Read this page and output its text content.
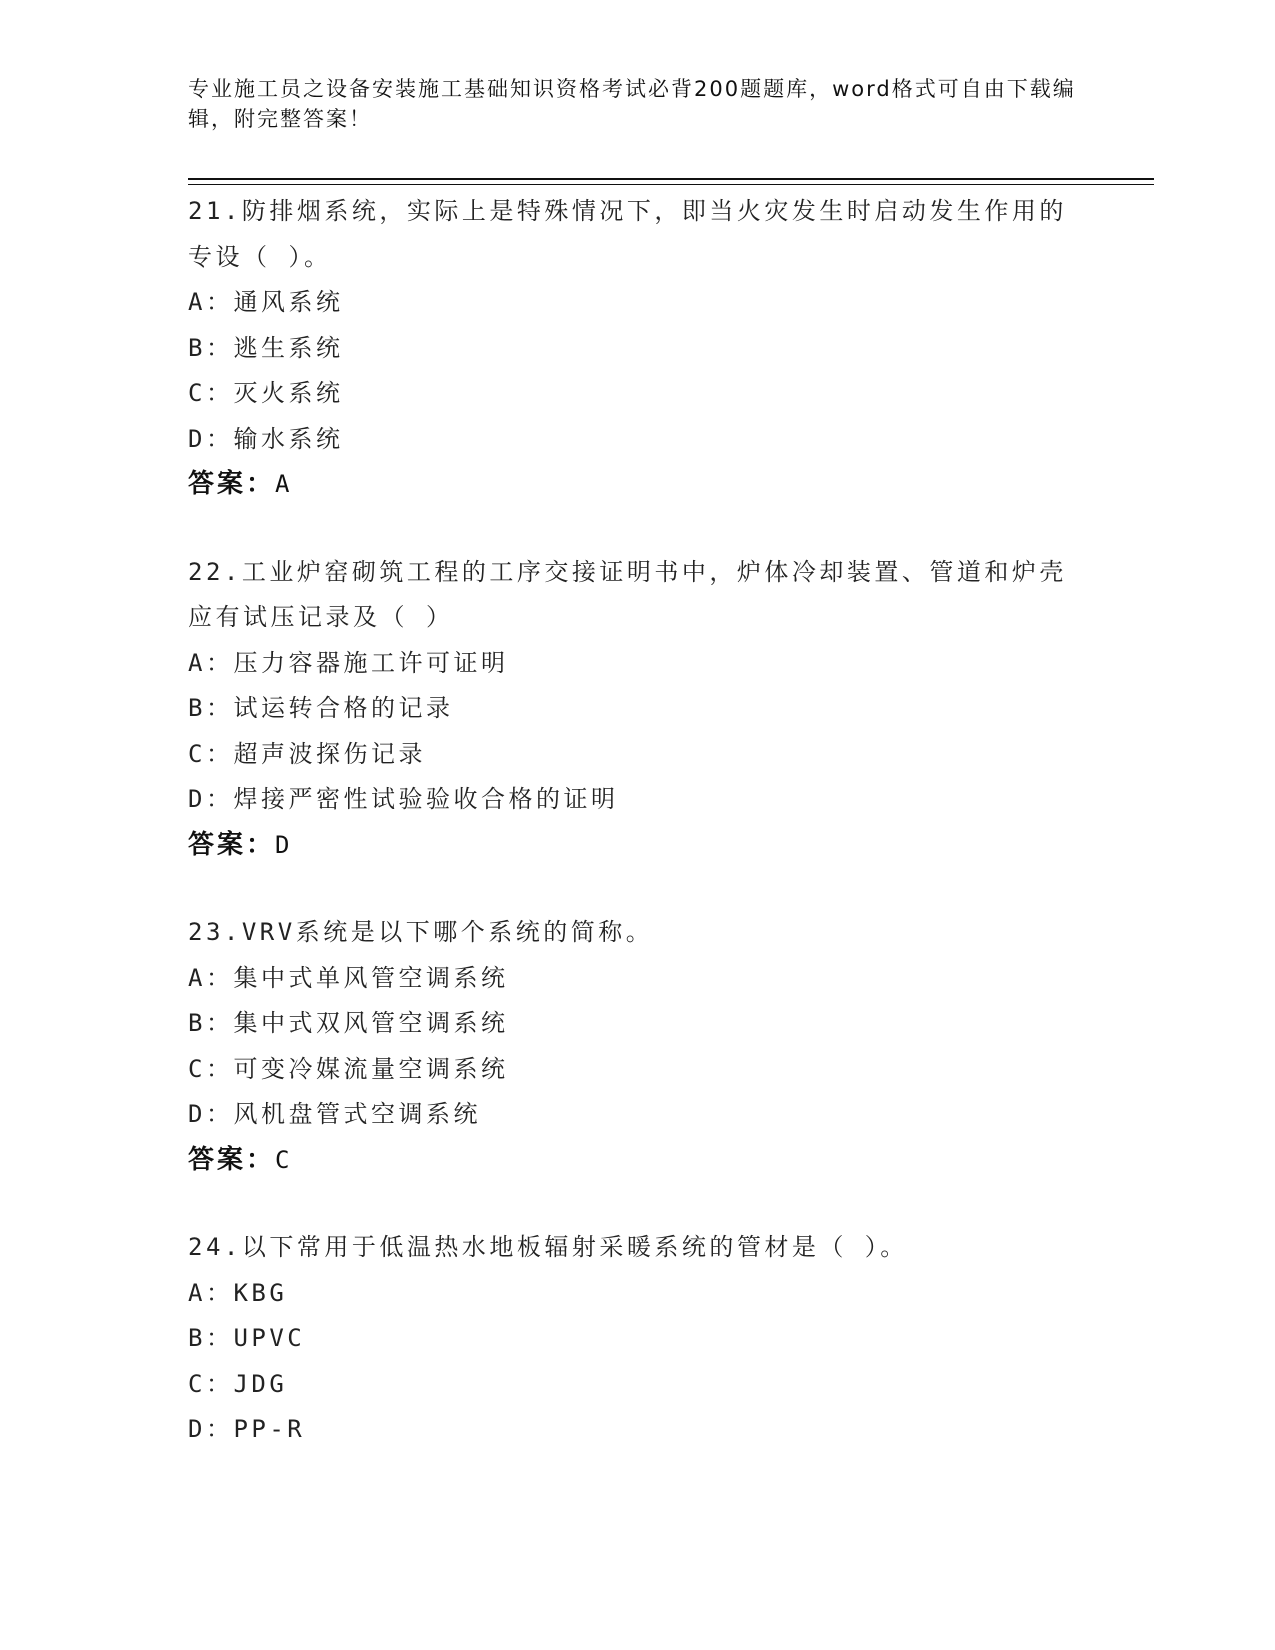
专业施工员之设备安装施工基础知识资格考试必背200题题库，word格式可自由下载编辑，附完整答案！

21.防排烟系统，实际上是特殊情况下，即当火灾发生时启动发生作用的专设（ ）。

A：通风系统

B：逃生系统

C：灭火系统

D：输水系统

答案：A

22.工业炉窑砌筑工程的工序交接证明书中，炉体冷却装置、管道和炉壳应有试压记录及（ ）

A：压力容器施工许可证明

B：试运转合格的记录

C：超声波探伤记录

D：焊接严密性试验验收合格的证明

答案：D

23.VRV系统是以下哪个系统的简称。

A：集中式单风管空调系统

B：集中式双风管空调系统

C：可变冷媒流量空调系统

D：风机盘管式空调系统

答案：C

24.以下常用于低温热水地板辐射采暖系统的管材是（ ）。

A：KBG

B：UPVC

C：JDG

D：PP-R
